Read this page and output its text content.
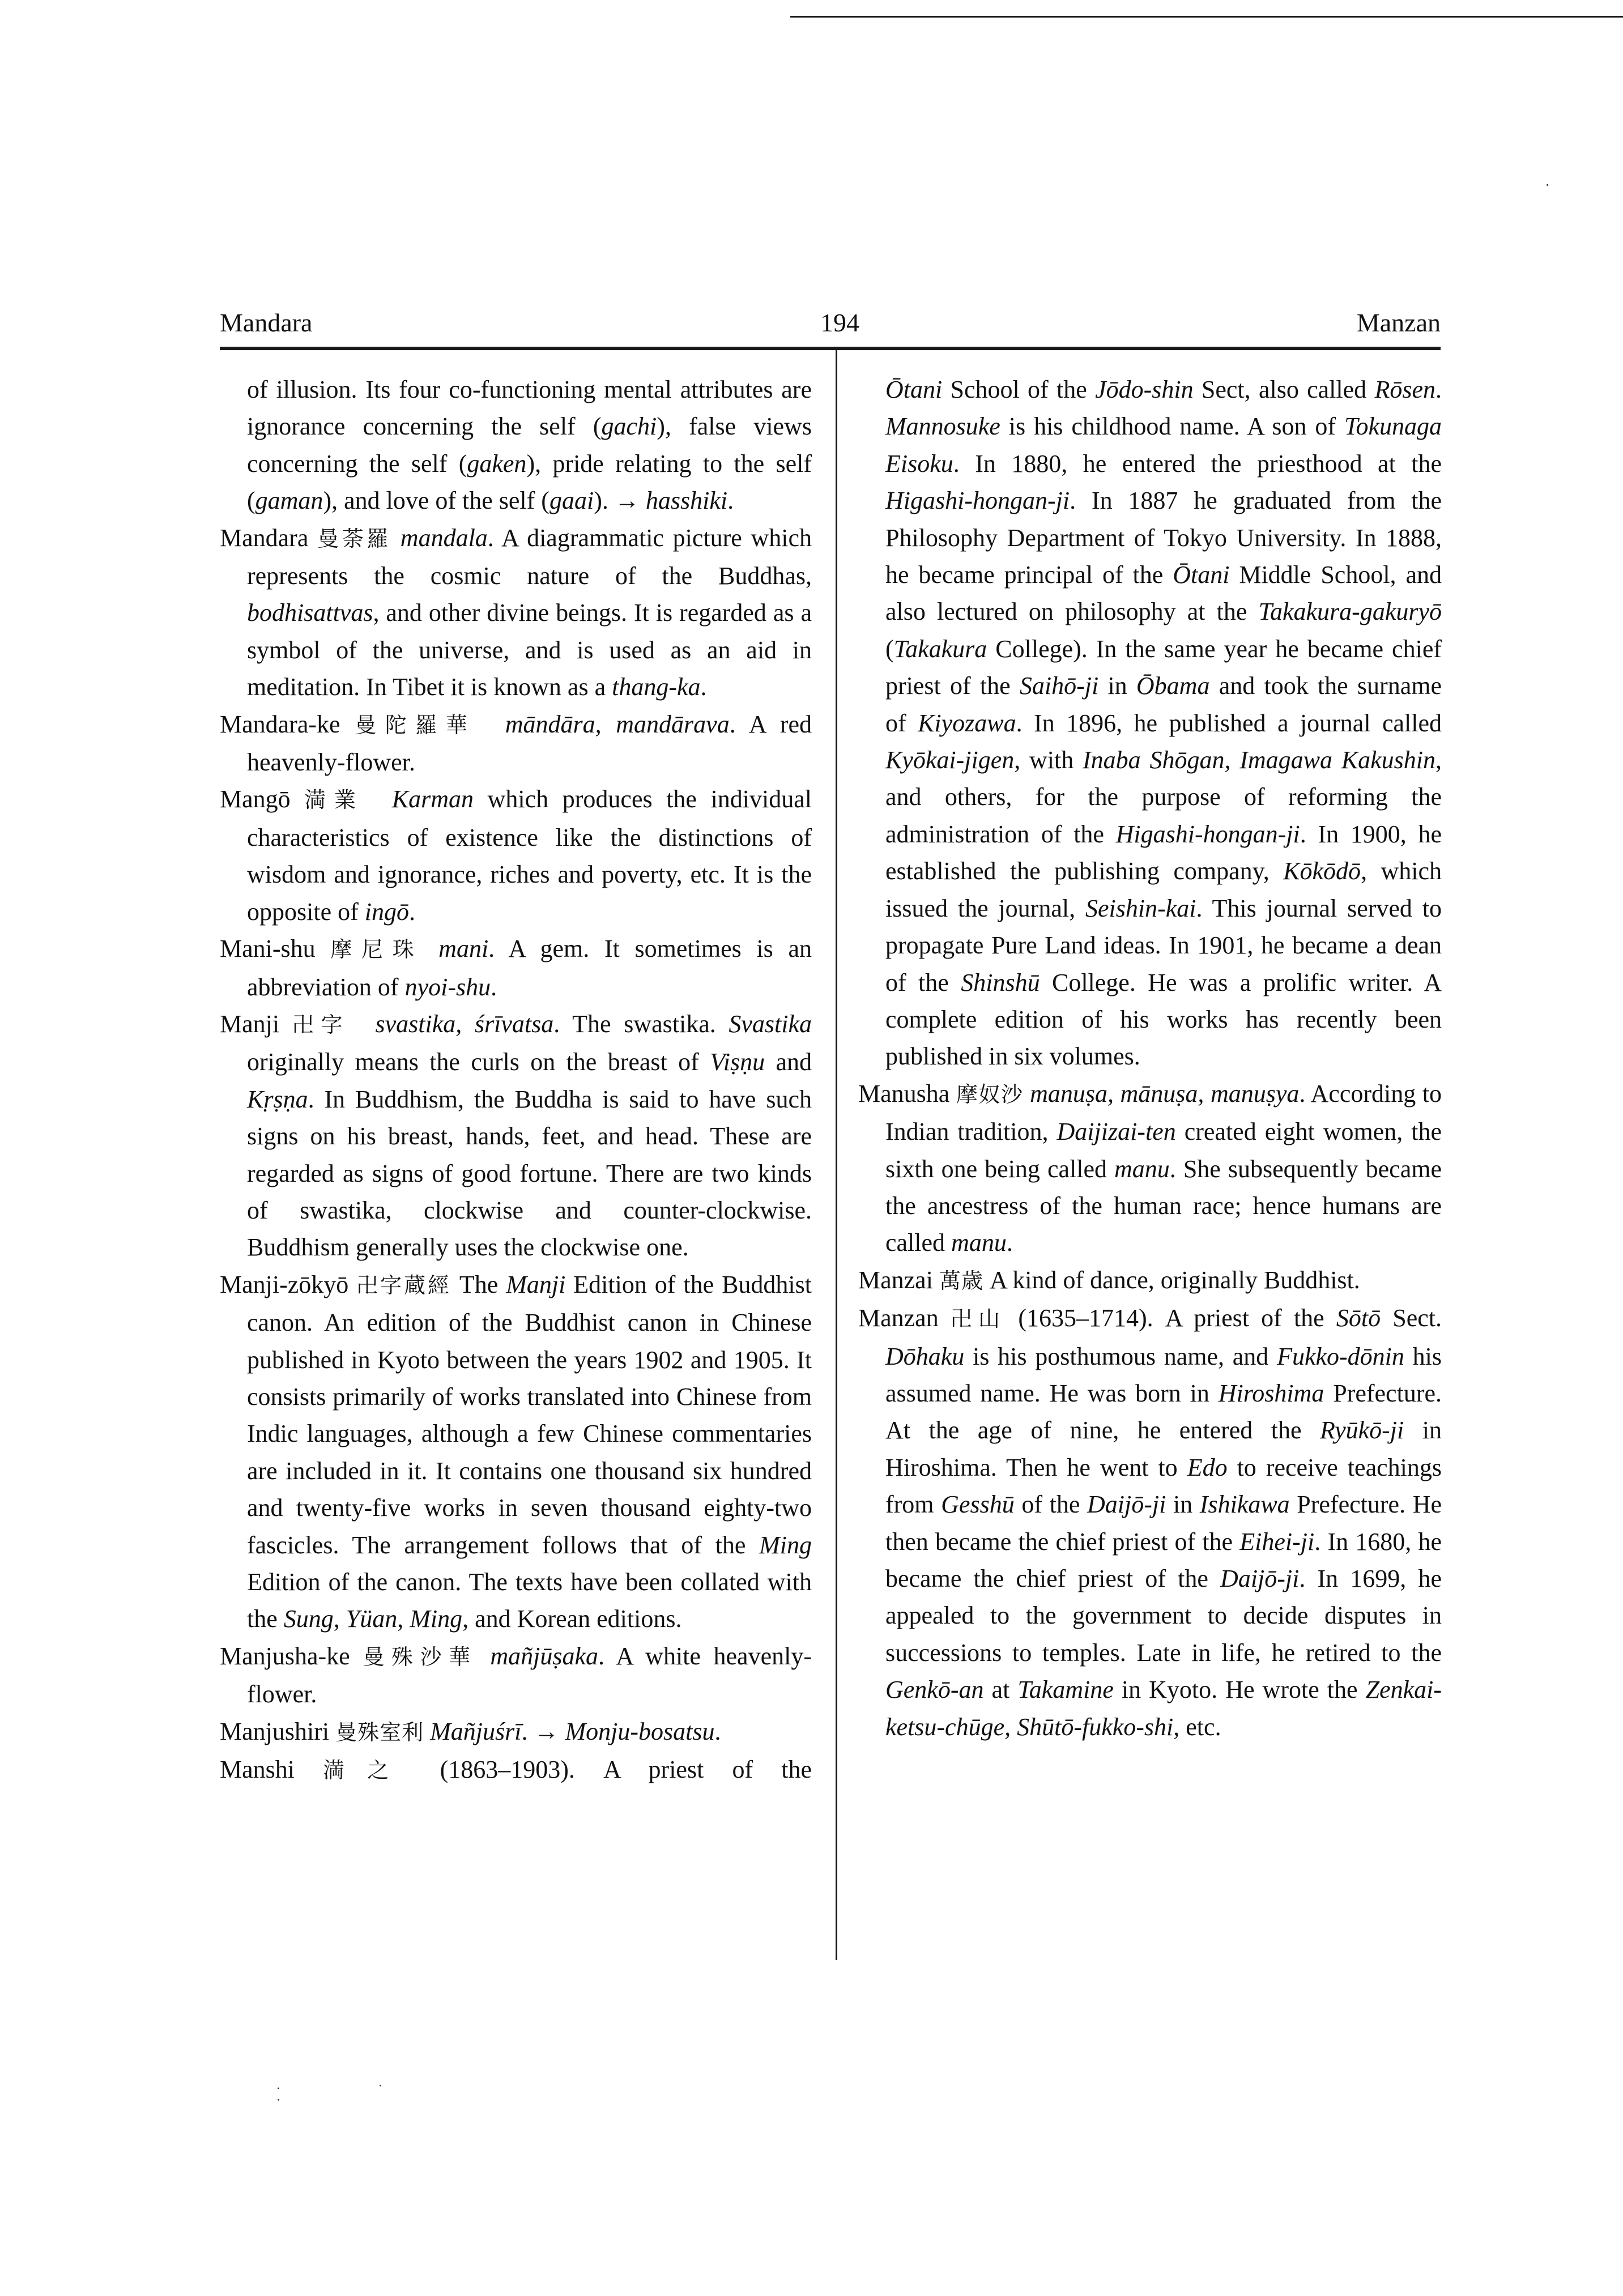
Mandara	194	Manzan

of illusion. Its four co-functioning mental attributes are ignorance concerning the self (gachi), false views concerning the self (gaken), pride relating to the self (gaman), and love of the self (gaai). → hasshiki.

Mandara 曼荼羅 mandala. A diagrammatic picture which represents the cosmic nature of the Buddhas, bodhisattvas, and other divine beings. It is regarded as a symbol of the universe, and is used as an aid in meditation. In Tibet it is known as a thang-ka.

Mandara-ke 曼陀羅華 māndāra, mandārava. A red heavenly-flower.

Mangō 満業 Karman which produces the individual characteristics of existence like the distinctions of wisdom and ignorance, riches and poverty, etc. It is the opposite of ingō.

Mani-shu 摩尼珠 mani. A gem. It sometimes is an abbreviation of nyoi-shu.

Manji 卍字 svastika, śrīvatsa. The swastika. Svastika originally means the curls on the breast of Viṣṇu and Kṛṣṇa. In Buddhism, the Buddha is said to have such signs on his breast, hands, feet, and head. These are regarded as signs of good fortune. There are two kinds of swastika, clockwise and counter-clockwise. Buddhism generally uses the clockwise one.

Manji-zōkyō 卍字蔵經 The Manji Edition of the Buddhist canon. An edition of the Buddhist canon in Chinese published in Kyoto between the years 1902 and 1905. It consists primarily of works translated into Chinese from Indic languages, although a few Chinese commentaries are included in it. It contains one thousand six hundred and twenty-five works in seven thousand eighty-two fascicles. The arrangement follows that of the Ming Edition of the canon. The texts have been collated with the Sung, Yüan, Ming, and Korean editions.

Manjusha-ke 曼殊沙華 mañjūṣaka. A white heavenly-flower.

Manjushiri 曼殊室利 Mañjuśrī. → Monju-bosatsu.

Manshi 満之 (1863–1903). A priest of the

Ōtani School of the Jōdo-shin Sect, also called Rōsen. Mannosuke is his childhood name. A son of Tokunaga Eisoku. In 1880, he entered the priesthood at the Higashi-hongan-ji. In 1887 he graduated from the Philosophy Department of Tokyo University. In 1888, he became principal of the Ōtani Middle School, and also lectured on philosophy at the Takakura-gakuryō (Takakura College). In the same year he became chief priest of the Saihō-ji in Ōbama and took the surname of Kiyozawa. In 1896, he published a journal called Kyōkai-jigen, with Inaba Shōgan, Imagawa Kakushin, and others, for the purpose of reforming the administration of the Higashi-hongan-ji. In 1900, he established the publishing company, Kōkōdō, which issued the journal, Seishin-kai. This journal served to propagate Pure Land ideas. In 1901, he became a dean of the Shinshū College. He was a prolific writer. A complete edition of his works has recently been published in six volumes.

Manusha 摩奴沙 manuṣa, mānuṣa, manuṣya. According to Indian tradition, Daijizai-ten created eight women, the sixth one being called manu. She subsequently became the ancestress of the human race; hence humans are called manu.

Manzai 萬歳 A kind of dance, originally Buddhist.

Manzan 卍山 (1635–1714). A priest of the Sōtō Sect. Dōhaku is his posthumous name, and Fukko-dōnin his assumed name. He was born in Hiroshima Prefecture. At the age of nine, he entered the Ryūkō-ji in Hiroshima. Then he went to Edo to receive teachings from Gesshū of the Daijō-ji in Ishikawa Prefecture. He then became the chief priest of the Eihei-ji. In 1680, he became the chief priest of the Daijō-ji. In 1699, he appealed to the government to decide disputes in successions to temples. Late in life, he retired to the Genkō-an at Takamine in Kyoto. He wrote the Zenkai-ketsu-chūge, Shūtō-fukko-shi, etc.
